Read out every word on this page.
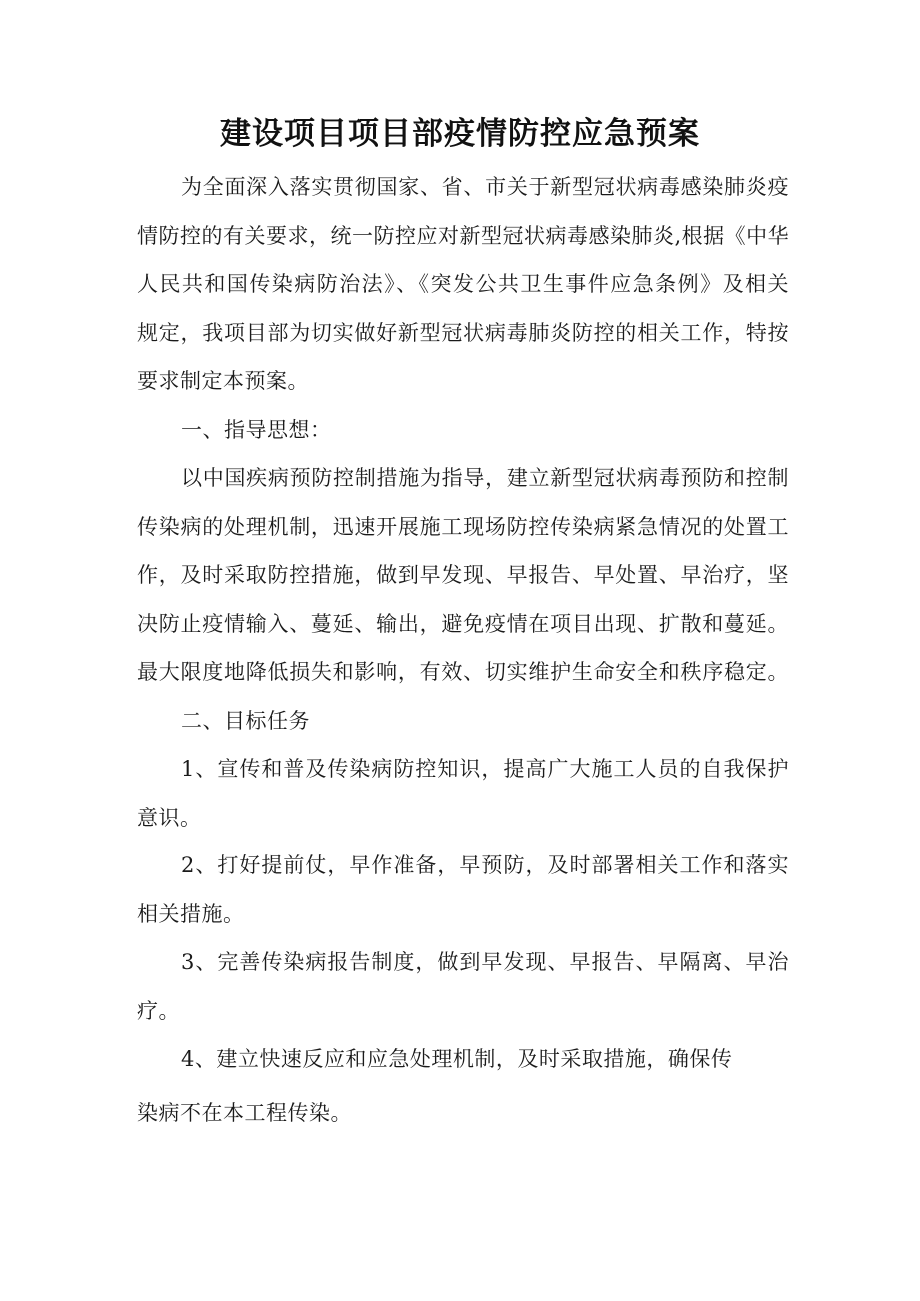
建设项目项目部疫情防控应急预案
为全面深入落实贯彻国家、省、市关于新型冠状病毒感染肺炎疫
情防控的有关要求，统一防控应对新型冠状病毒感染肺炎,根据《中华
人民共和国传染病防治法》、《突发公共卫生事件应急条例》及相关
规定，我项目部为切实做好新型冠状病毒肺炎防控的相关工作，特按
要求制定本预案。
一、指导思想：
以中国疾病预防控制措施为指导，建立新型冠状病毒预防和控制
传染病的处理机制，迅速开展施工现场防控传染病紧急情况的处置工
作，及时采取防控措施，做到早发现、早报告、早处置、早治疗，坚
决防止疫情输入、蔓延、输出，避免疫情在项目出现、扩散和蔓延。
最大限度地降低损失和影响，有效、切实维护生命安全和秩序稳定。
二、目标任务
1、宣传和普及传染病防控知识，提高广大施工人员的自我保护
意识。
2、打好提前仗，早作准备，早预防，及时部署相关工作和落实
相关措施。
3、完善传染病报告制度，做到早发现、早报告、早隔离、早治
疗。
4、建立快速反应和应急处理机制，及时采取措施，确保传
染病不在本工程传染。
